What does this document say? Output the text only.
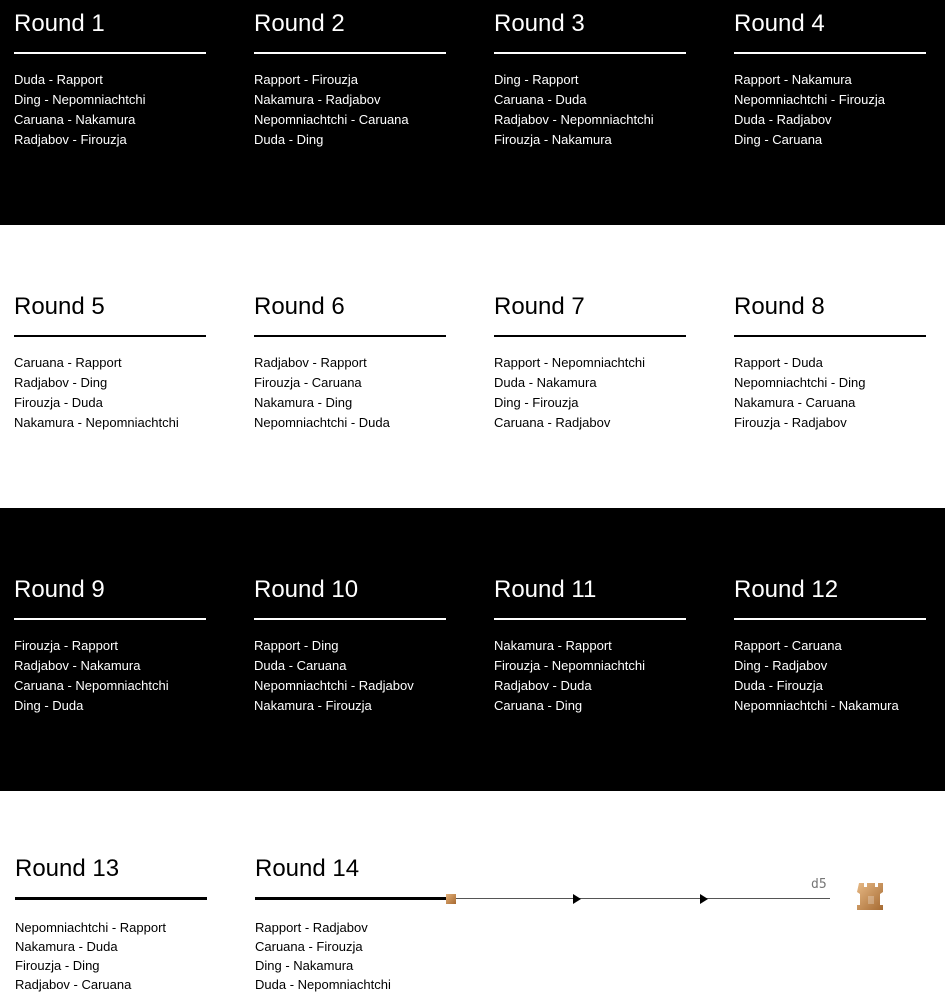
Round 1
Duda - Rapport
Ding - Nepomniachtchi
Caruana - Nakamura
Radjabov - Firouzja
Round 2
Rapport - Firouzja
Nakamura - Radjabov
Nepomniachtchi - Caruana
Duda - Ding
Round 3
Ding - Rapport
Caruana - Duda
Radjabov - Nepomniachtchi
Firouzja - Nakamura
Round 4
Rapport - Nakamura
Nepomniachtchi - Firouzja
Duda - Radjabov
Ding - Caruana
Round 5
Caruana - Rapport
Radjabov - Ding
Firouzja - Duda
Nakamura - Nepomniachtchi
Round 6
Radjabov - Rapport
Firouzja - Caruana
Nakamura - Ding
Nepomniachtchi - Duda
Round 7
Rapport - Nepomniachtchi
Duda - Nakamura
Ding - Firouzja
Caruana - Radjabov
Round 8
Rapport - Duda
Nepomniachtchi - Ding
Nakamura - Caruana
Firouzja - Radjabov
Round 9
Firouzja - Rapport
Radjabov - Nakamura
Caruana - Nepomniachtchi
Ding - Duda
Round 10
Rapport - Ding
Duda - Caruana
Nepomniachtchi - Radjabov
Nakamura - Firouzja
Round 11
Nakamura - Rapport
Firouzja - Nepomniachtchi
Radjabov - Duda
Caruana - Ding
Round 12
Rapport - Caruana
Ding - Radjabov
Duda - Firouzja
Nepomniachtchi - Nakamura
Round 13
Nepomniachtchi - Rapport
Nakamura - Duda
Firouzja - Ding
Radjabov - Caruana
Round 14
Rapport - Radjabov
Caruana - Firouzja
Ding - Nakamura
Duda - Nepomniachtchi
d5
